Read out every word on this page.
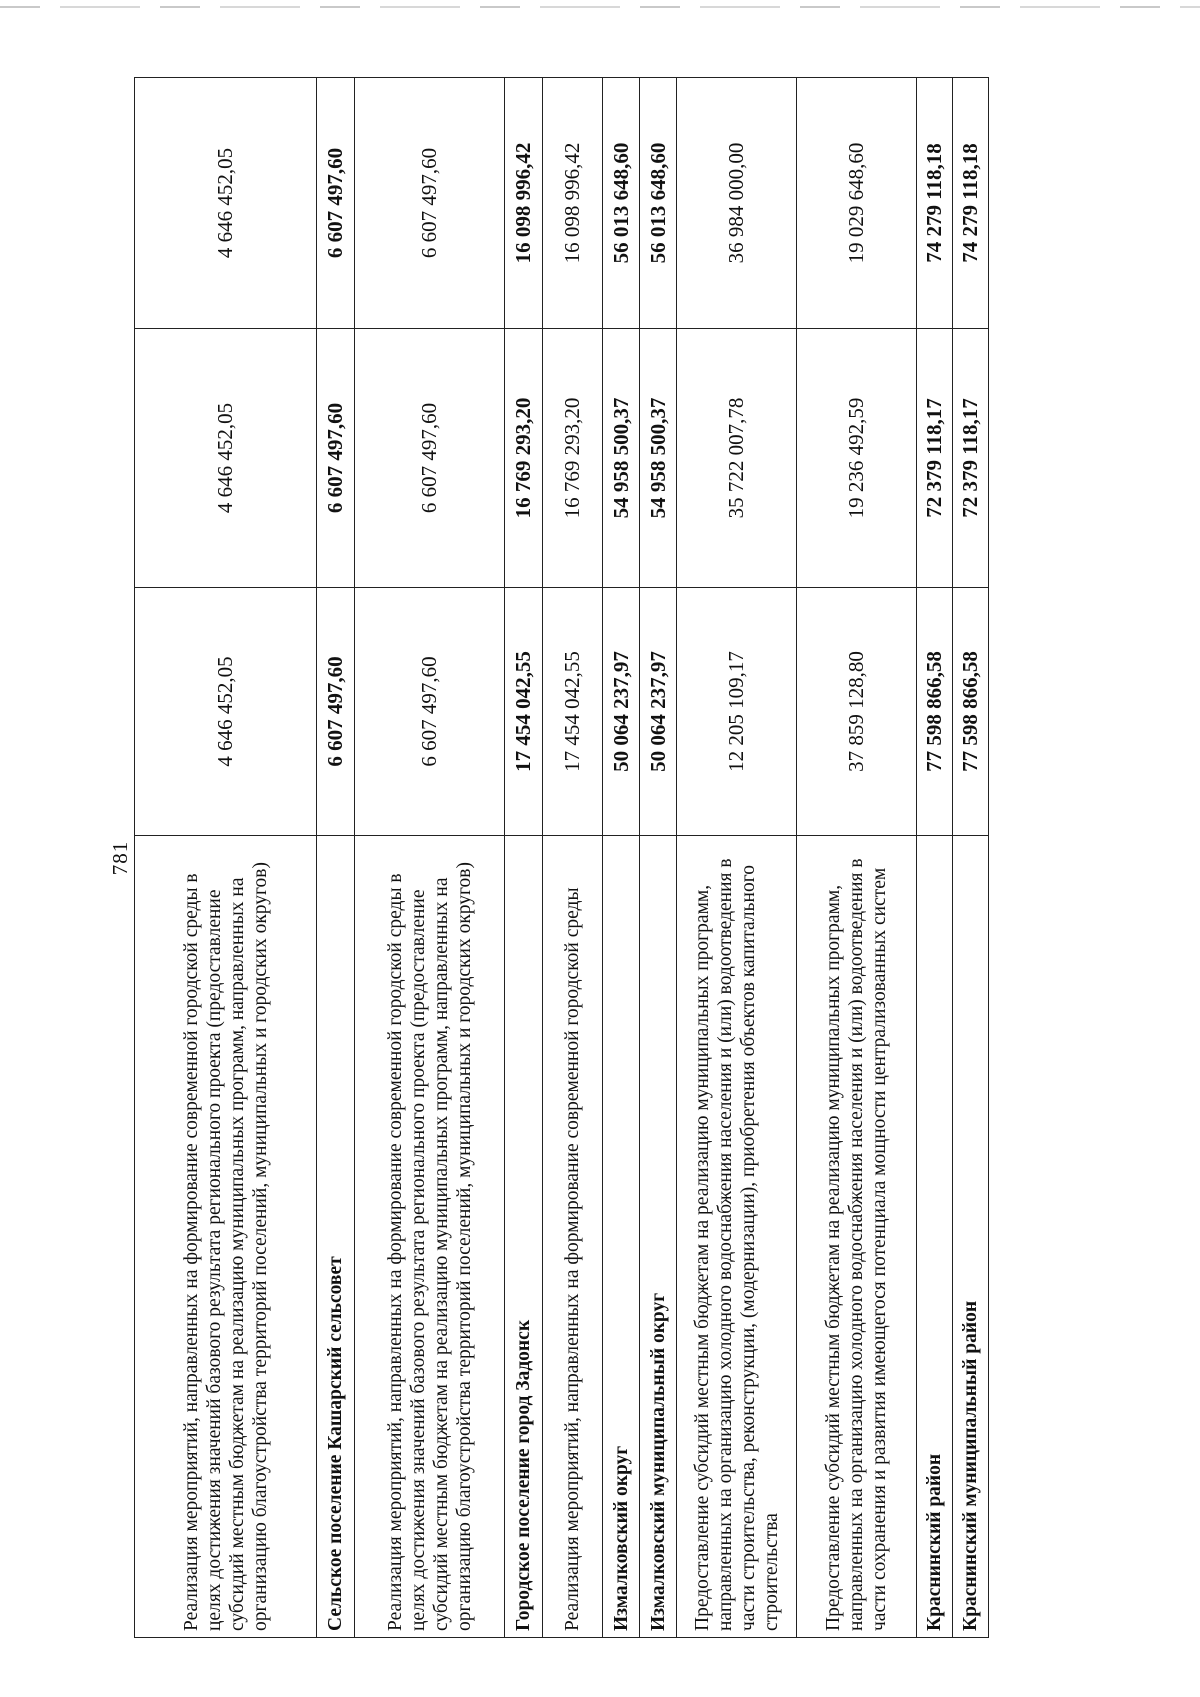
781
Реализация мероприятий, направленных на формирование современной городской среды в целях достижения значений базового результата регионального проекта (предоставление субсидий местным бюджетам на реализацию муниципальных программ, направленных на организацию благоустройства территорий поселений, муниципальных и городских округов)	4 646 452,05	4 646 452,05	4 646 452,05
Сельское поселение Кашарский сельсовет	6 607 497,60	6 607 497,60	6 607 497,60
Реализация мероприятий, направленных на формирование современной городской среды в целях достижения значений базового результата регионального проекта (предоставление субсидий местным бюджетам на реализацию муниципальных программ, направленных на организацию благоустройства территорий поселений, муниципальных и городских округов)	6 607 497,60	6 607 497,60	6 607 497,60
Городское поселение город Задонск	17 454 042,55	16 769 293,20	16 098 996,42
Реализация мероприятий, направленных на формирование современной городской среды	17 454 042,55	16 769 293,20	16 098 996,42
Измалковский округ	50 064 237,97	54 958 500,37	56 013 648,60
Измалковский муниципальный округ	50 064 237,97	54 958 500,37	56 013 648,60
Предоставление субсидий местным бюджетам на реализацию муниципальных программ, направленных на организацию холодного водоснабжения населения и (или) водоотведения в части строительства, реконструкции, (модернизации), приобретения объектов капитального строительства	12 205 109,17	35 722 007,78	36 984 000,00
Предоставление субсидий местным бюджетам на реализацию муниципальных программ, направленных на организацию холодного водоснабжения населения и (или) водоотведения в части сохранения и развития имеющегося потенциала мощности централизованных систем	37 859 128,80	19 236 492,59	19 029 648,60
Краснинский район	77 598 866,58	72 379 118,17	74 279 118,18
Краснинский муниципальный район	77 598 866,58	72 379 118,17	74 279 118,18
